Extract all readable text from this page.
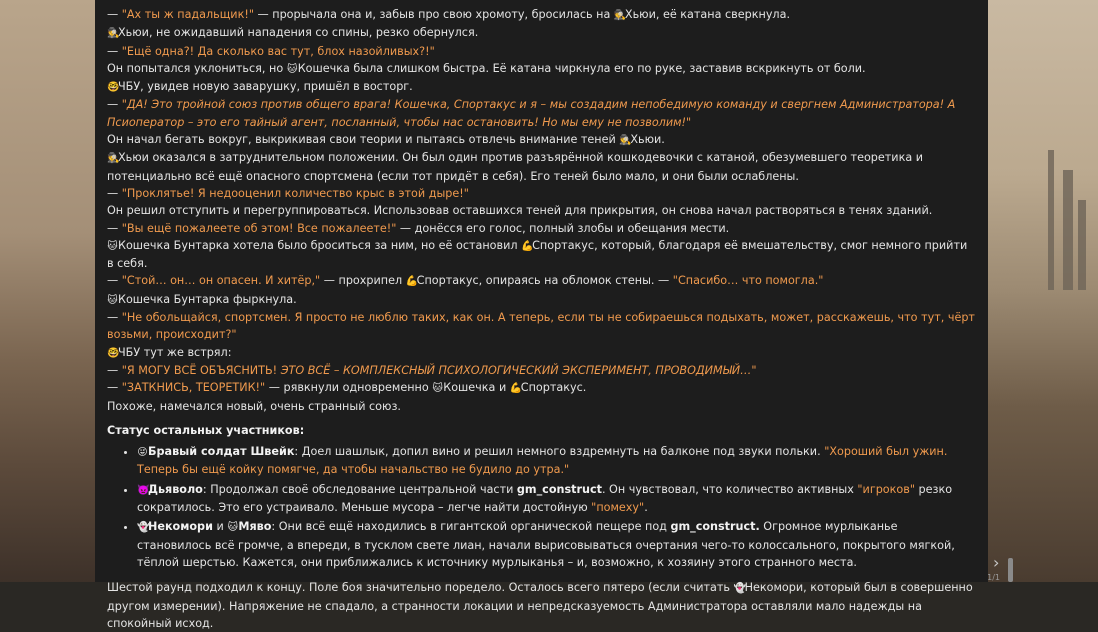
— "Ах ты ж падальщик!" — прорычала она и, забыв про свою хромоту, бросилась на 🕵Хьюи, её катана сверкнула.

🕵Хьюи, не ожидавший нападения со спины, резко обернулся.

— "Ещё одна?! Да сколько вас тут, блох назойливых?!"

Он попытался уклониться, но 🐱Кошечка была слишком быстра. Её катана чиркнула его по руке, заставив вскрикнуть от боли.

🤓ЧБУ, увидев новую заварушку, пришёл в восторг.

— "ДА! Это тройной союз против общего врага! Кошечка, Спортакус и я – мы создадим непобедимую команду и свергнем Администратора! А Псиоператор – это его тайный агент, посланный, чтобы нас остановить! Но мы ему не позволим!"

Он начал бегать вокруг, выкрикивая свои теории и пытаясь отвлечь внимание теней 🕵Хьюи.

🕵Хьюи оказался в затруднительном положении. Он был один против разъярённой кошкодевочки с катаной, обезумевшего теоретика и потенциально всё ещё опасного спортсмена (если тот придёт в себя). Его теней было мало, и они были ослаблены.

— "Проклятье! Я недооценил количество крыс в этой дыре!"

Он решил отступить и перегруппироваться. Использовав оставшихся теней для прикрытия, он снова начал растворяться в тенях зданий.

— "Вы ещё пожалеете об этом! Все пожалеете!" — донёсся его голос, полный злобы и обещания мести.

🐱Кошечка Бунтарка хотела было броситься за ним, но её остановил 💪Спортакус, который, благодаря её вмешательству, смог немного прийти в себя.

— "Стой… он… он опасен. И хитёр," — прохрипел 💪Спортакус, опираясь на обломок стены. — "Спасибо… что помогла."

🐱Кошечка Бунтарка фыркнула.

— "Не обольщайся, спортсмен. Я просто не люблю таких, как он. А теперь, если ты не собираешься подыхать, может, расскажешь, что тут, чёрт возьми, происходит?"

🤓ЧБУ тут же встрял:

— "Я МОГУ ВСЁ ОБЪЯСНИТЬ! ЭТО ВСЁ – КОМПЛЕКСНЫЙ ПСИХОЛОГИЧЕСКИЙ ЭКСПЕРИМЕНТ, ПРОВОДИМЫЙ…"

— "ЗАТКНИСЬ, ТЕОРЕТИК!" — рявкнули одновременно 🐱Кошечка и 💪Спортакус.

Похоже, намечался новый, очень странный союз.

Статус остальных участников:

• 😜Бравый солдат Швейк: Доел шашлык, допил вино и решил немного вздремнуть на балконе под звуки польки. "Хороший был ужин. Теперь бы ещё койку помягче, да чтобы начальство не будило до утра."
• 👿Дьяволо: Продолжал своё обследование центральной части gm_construct. Он чувствовал, что количество активных "игроков" резко сократилось. Это его устраивало. Меньше мусора – легче найти достойную "помеху".
• 👻Некомори и 🐱Мяво: Они всё ещё находились в гигантской органической пещере под gm_construct. Огромное мурлыканье становилось всё громче, а впереди, в тусклом свете лиан, начали вырисовываться очертания чего-то колоссального, покрытого мягкой, тёплой шерстью. Кажется, они приближались к источнику мурлыканья – и, возможно, к хозяину этого странного места.

Шестой раунд подходил к концу. Поле боя значительно поредело. Осталось всего пятеро (если считать 👻Некомори, который был в совершенно другом измерении). Напряжение не спадало, а странности локации и непредсказуемость Администратора оставляли мало надежды на спокойный исход.

›
1/1
